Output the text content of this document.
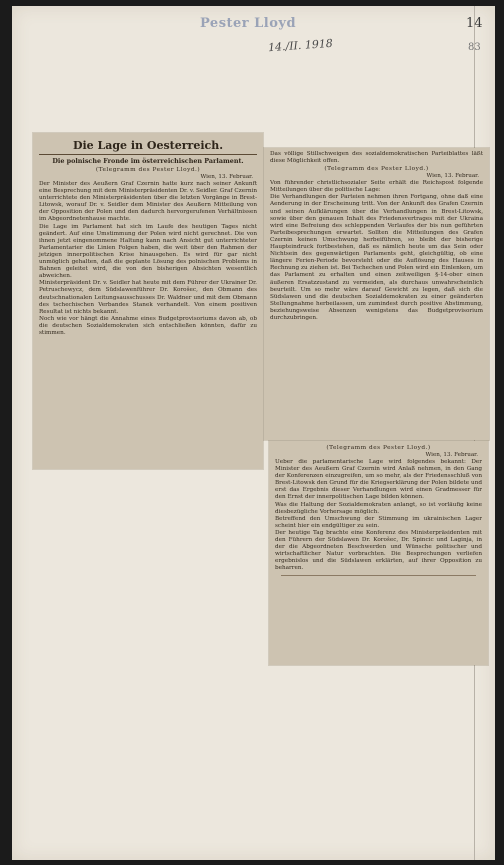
Pester Lloyd
14./II. 1918
14
83
Die Lage in Oesterreich.
Die polnische Fronde im österreichischen Parlament.
(Telegramm des Pester Lloyd.)
Wien, 13. Februar.
Der Minister des Aeußern Graf Czernin hatte kurz nach seiner Ankunft eine Besprechung mit dem Ministerpräsidenten Dr. v. Seidler. Graf Czernin unterrichtete den Ministerpräsidenten über die letzten Vorgänge in Brest-Litowsk, worauf Dr. v. Seidler dem Minister des Aeußern Mitteilung von der Opposition der Polen und den dadurch hervorgerufenen Verhältnissen im Abgeordnetenhause machte.
Die Lage im Parlament hat sich im Laufe des heutigen Tages nicht geändert. Auf eine Umstimmung der Polen wird nicht gerechnet. Die von ihnen jetzt eingenommene Haltung kann nach Ansicht gut unterrichteter Parlamentarier die Linien Folgen haben, die weit über den Rahmen der jetzigen innerpolitischen Krise hinausgehen. Es wird für gar nicht unmöglich gehalten, daß die geplante Lösung des polnischen Problems in Bahnen geleitet wird, die von den bisherigen Absichten wesentlich abweichen.
Ministerpräsident Dr. v. Seidler hat heute mit dem Führer der Ukrainer Dr. Petruschewycz, dem Südslawenführer Dr. Korošec, den Obmann des deutschnationalen Leitungsausschusses Dr. Waldner und mit dem Obmann des tschechischen Verbandes Stanek verhandelt. Von einem positiven Resultat ist nichts bekannt.
Noch wie vor hängt die Annahme eines Budgetprovisoriums davon ab, ob die deutschen Sozialdemokraten sich entschließen könnten, dafür zu stimmen.
Das völlige Stillschweigen des sozialdemokratischen Parteiblattes läßt diese Möglichkeit offen.
(Telegramm des Pester Lloyd.)
Wien, 13. Februar.
Von führender christlichsozialer Seite erhält die Reichspost folgende Mitteilungen über die politische Lage:
Die Verhandlungen der Parteien nehmen ihren Fortgang, ohne daß eine Aenderung in der Erscheinung tritt. Von der Ankunft des Grafen Czernin und seinen Aufklärungen über die Verhandlungen in Brest-Litowsk, sowie über den genauen Inhalt des Friedensvertrages mit der Ukraina wird eine Befreiung des schleppenden Verlaufes der bis nun geführten Parteibesprechungen erwartet. Sollten die Mitteilungen des Grafen Czernin keinen Umschwung herbeiführen, so bleibt der bisherige Haupteindruck fortbestehen, daß es nämlich heute um das Sein oder Nichtsein des gegenwärtigen Parlaments geht, gleichgültig, ob eine längere Ferien-Periode bevorsteht oder die Auflösung des Hauses in Rechnung zu ziehen ist. Bei Tschechen und Polen wird ein Einlenken, um das Parlament zu erhalten und einen zeitweiligen §-14-ober einen äußeren Ersatzzustand zu vermeiden, als durchaus unwahrscheinlich beurteilt. Um so mehr wäre darauf Gewicht zu legen, daß sich die Südslawen und die deutschen Sozialdemokraten zu einer geänderten Stellungnahme herbeilassen, um zumindest durch positive Abstimmung, beziehungsweise Absenzen wenigstens das Budgetprovisorium durchzubringen.
(Telegramm des Pester Lloyd.)
Wien, 13. Februar.
Ueber die parlamentarische Lage wird folgendes bekannt: Der Minister des Aeußern Graf Czernin wird Anlaß nehmen, in den Gang der Konferenzen einzugreifen, um so mehr, als der Friedensschluß von Brest-Litowsk den Grund für die Kriegserklärung der Polen bildete und erst das Ergebnis dieser Verhandlungen wird einen Gradmesser für den Ernst der innerpolitischen Lage bilden können.
Was die Haltung der Sozialdemokraten anlangt, so ist vorläufig keine diesbezügliche Vorhersage möglich.
Betreffend den Umschwung der Stimmung im ukrainischen Lager scheint hier ein endgültiger zu sein.
Der heutige Tag brachte eine Konferenz des Ministerpräsidenten mit den Führern der Südslawen Dr. Korošec, Dr. Spincic und Laginja, in der die Abgeordneten Beschwerden und Wünsche politischer und wirtschaftlicher Natur vorbrachten. Die Besprechungen verliefen ergebnislos und die Südslawen erklärten, auf ihrer Opposition zu beharren.
